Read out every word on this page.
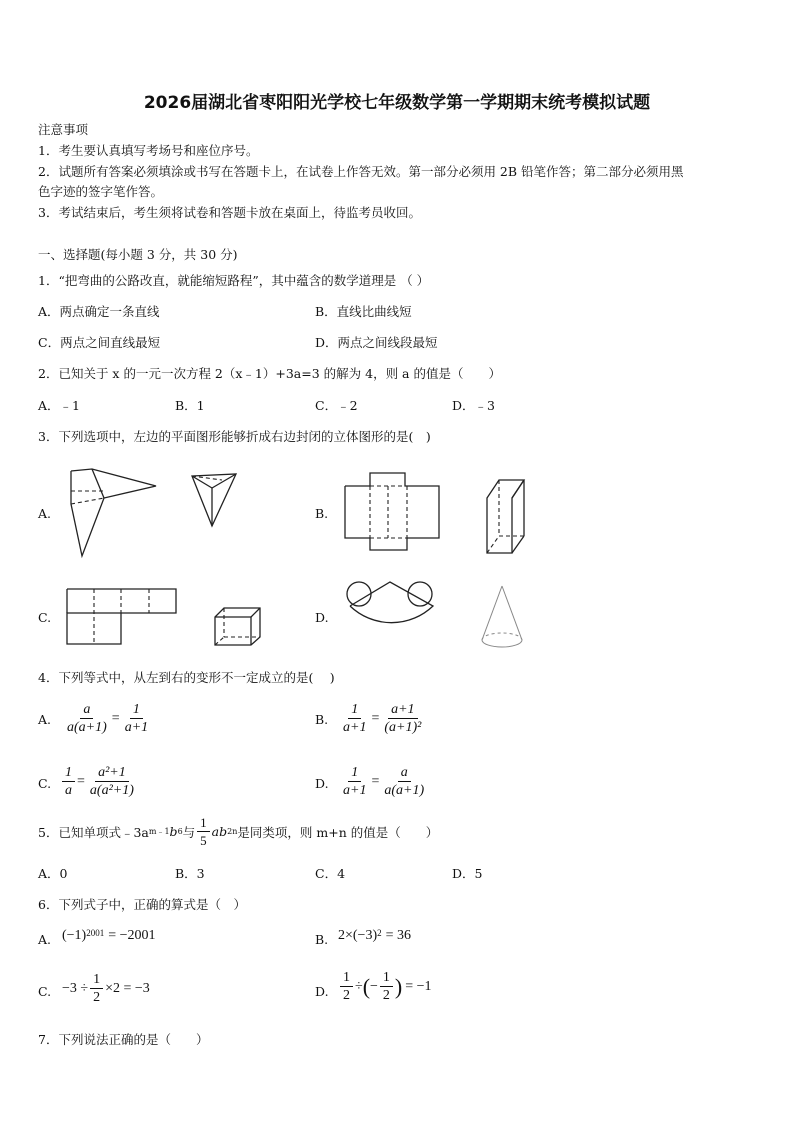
2026届湖北省枣阳阳光学校七年级数学第一学期期末统考模拟试题
注意事项
1．考生要认真填写考场号和座位序号。
2．试题所有答案必须填涂或书写在答题卡上，在试卷上作答无效。第一部分必须用 2B 铅笔作答；第二部分必须用黑
色字迹的签字笔作答。
3．考试结束后，考生须将试卷和答题卡放在桌面上，待监考员收回。
一、选择题(每小题 3 分，共 30 分)
1．“把弯曲的公路改直，就能缩短路程”，其中蕴含的数学道理是 （ ）
A．两点确定一条直线	B．直线比曲线短
C．两点之间直线最短	D．两点之间线段最短
2．已知关于 x 的一元一次方程 2（x﹣1）+3a=3 的解为 4，则 a 的值是（　　）
A．﹣1	B．1	C．﹣2	D．﹣3
3．下列选项中，左边的平面图形能够折成右边封闭的立体图形的是(　)
A.	B.
C.	D.
4．下列等式中，从左到右的变形不一定成立的是(　 )
A. $\frac{a}{a(a+1)} = \frac{1}{a+1}$	B. $\frac{1}{a+1} = \frac{a+1}{\text{(a+1)²}}$
C. $\frac{1}{a} = \frac{\text{a²+1}}{\text{a(a²+1)}}$	D. $\frac{1}{a+1} = \frac{a}{a(a+1)}$
5．已知单项式﹣3a m﹣1 b 6 与 $\frac{1}{5}$ ab 2n 是同类项，则 m+n 的值是（　　）
A．0	B．3	C．4	D．5
6．下列式子中，正确的算式是（　）
A. $(-1)^{2001} = -2001$	B. $2\times(-3)^2 = 36$
C. $-3 \div \frac{1}{2} \times 2 = -3$	D. $\frac{1}{2}$ ÷ ( − $\frac{1}{2}$ ) = −1
7．下列说法正确的是（　　）
